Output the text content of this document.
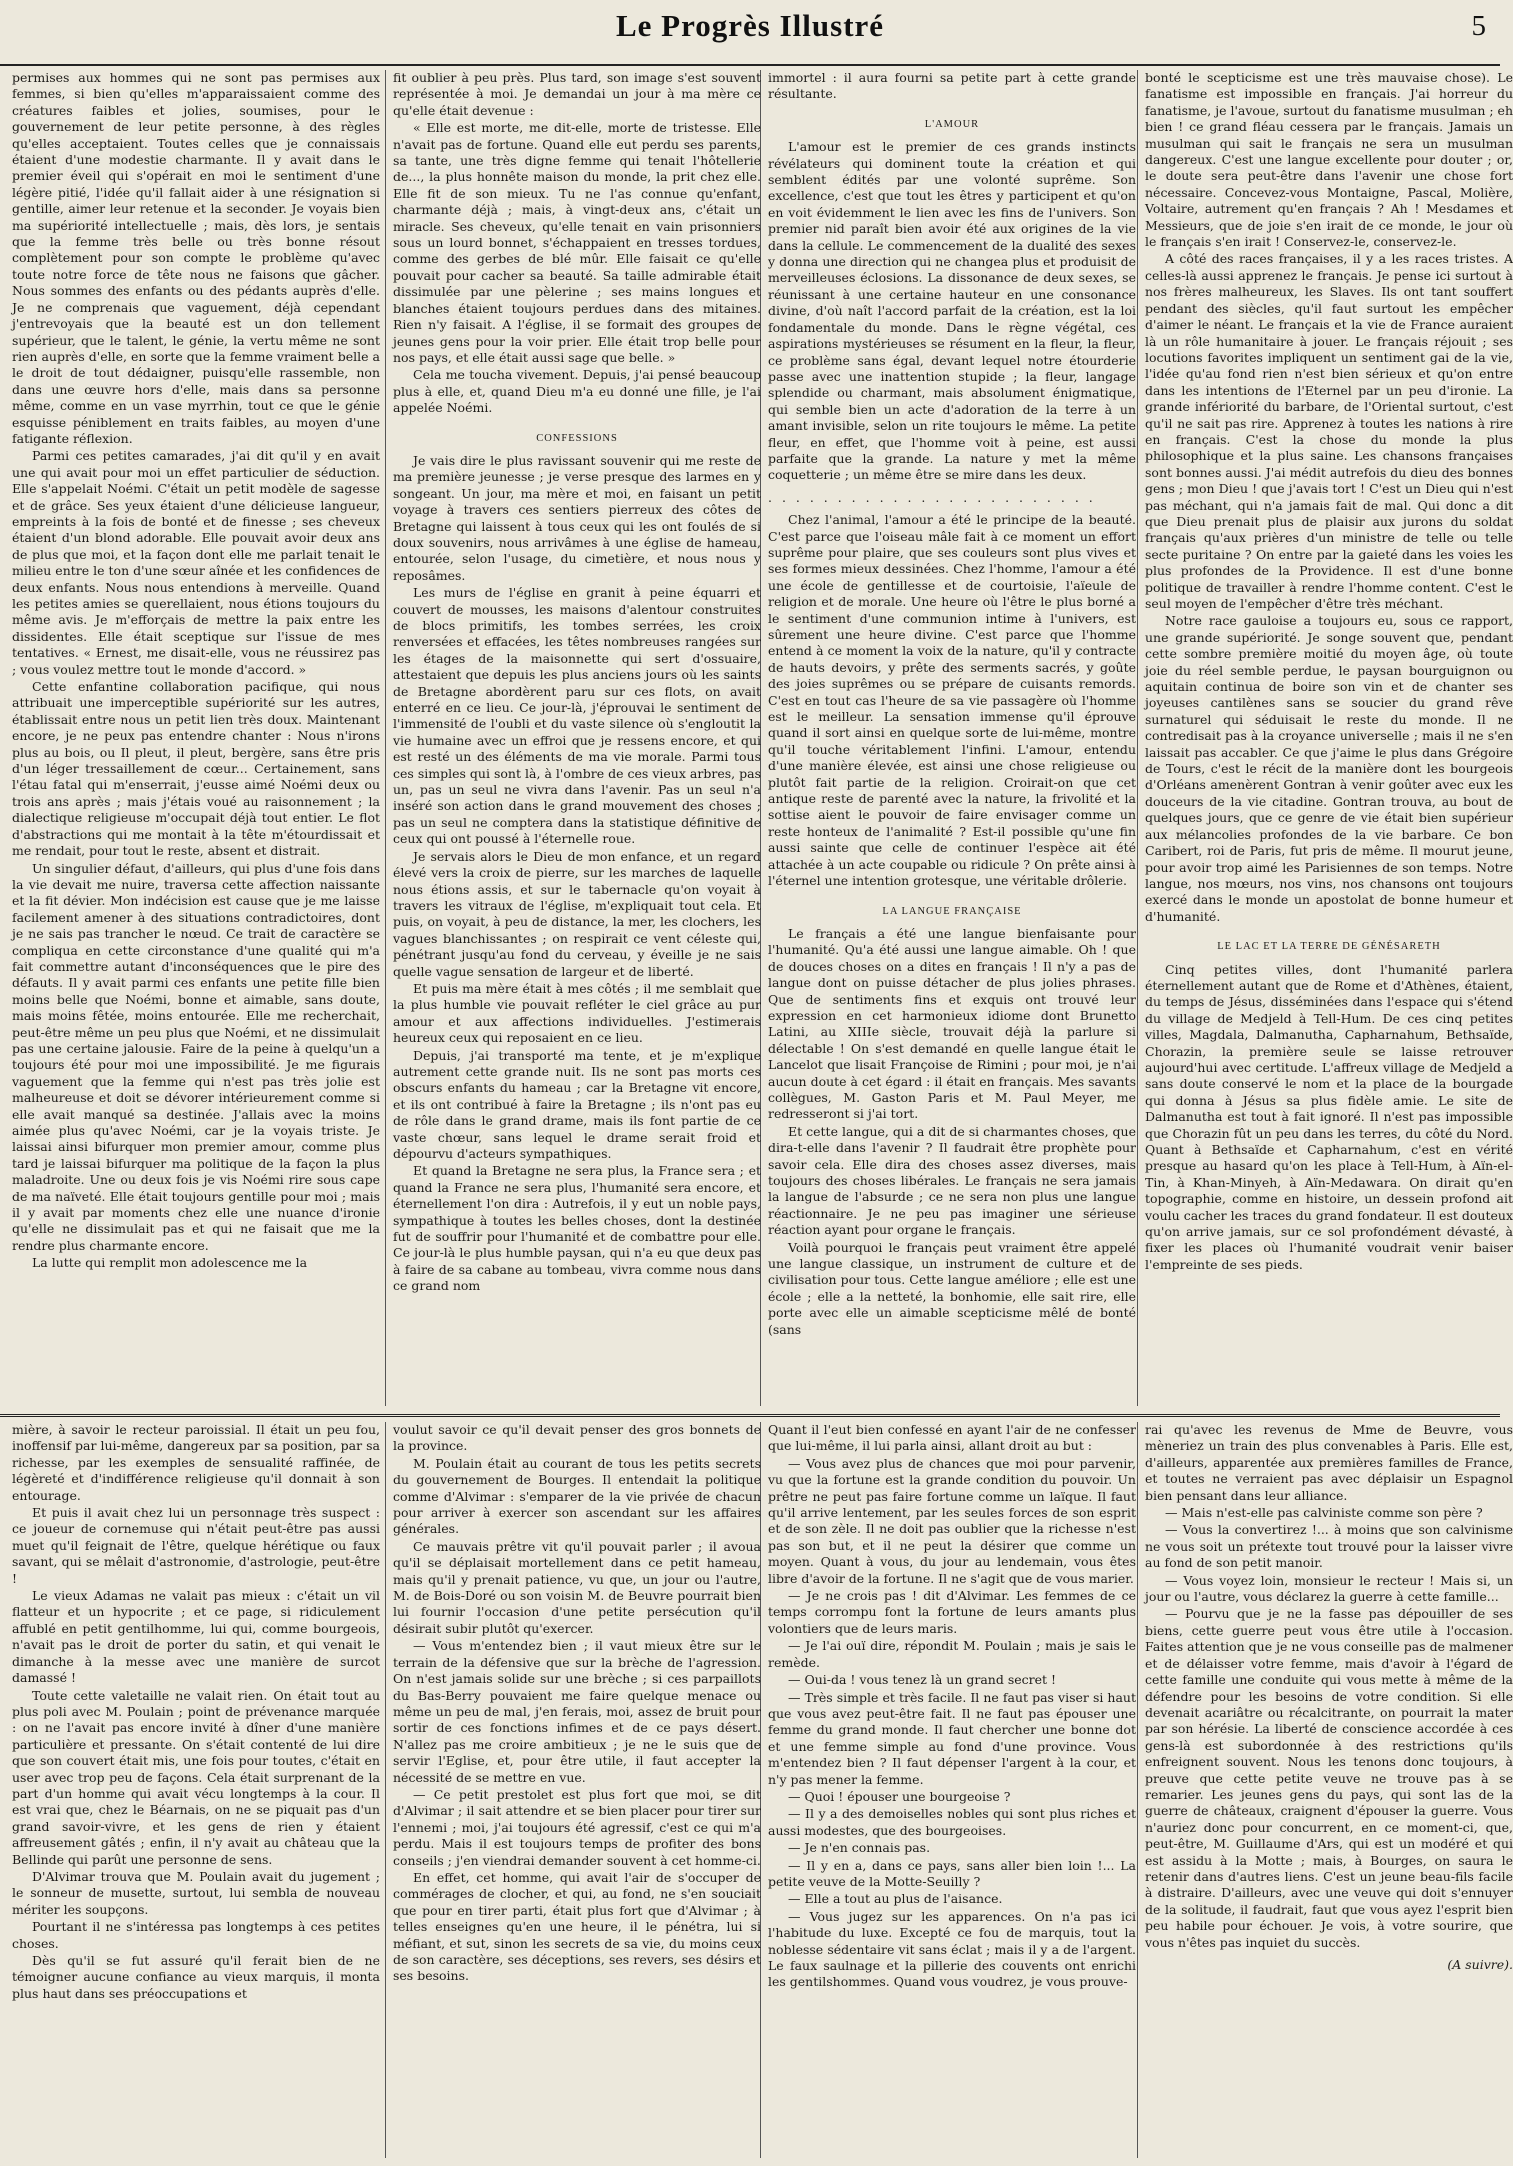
Le Progrès Illustré	5

permises aux hommes qui ne sont pas permises aux femmes, si bien qu'elles m'apparaissaient comme des créatures faibles et jolies, soumises, pour le gouvernement de leur petite personne, à des règles qu'elles acceptaient. Toutes celles que je connaissais étaient d'une modestie charmante. Il y avait dans le premier éveil qui s'opérait en moi le sentiment d'une légère pitié, l'idée qu'il fallait aider à une résignation si gentille, aimer leur retenue et la seconder. Je voyais bien ma supériorité intellectuelle ; mais, dès lors, je sentais que la femme très belle ou très bonne résout complètement pour son compte le problème qu'avec toute notre force de tête nous ne faisons que gâcher. Nous sommes des enfants ou des pédants auprès d'elle. Je ne comprenais que vaguement, déjà cependant j'entrevoyais que la beauté est un don tellement supérieur, que le talent, le génie, la vertu même ne sont rien auprès d'elle, en sorte que la femme vraiment belle a le droit de tout dédaigner, puisqu'elle rassemble, non dans une œuvre hors d'elle, mais dans sa personne même, comme en un vase myrrhin, tout ce que le génie esquisse péniblement en traits faibles, au moyen d'une fatigante réflexion.

Parmi ces petites camarades, j'ai dit qu'il y en avait une qui avait pour moi un effet particulier de séduction. Elle s'appelait Noémi. C'était un petit modèle de sagesse et de grâce. Ses yeux étaient d'une délicieuse langueur, empreints à la fois de bonté et de finesse ; ses cheveux étaient d'un blond adorable. Elle pouvait avoir deux ans de plus que moi, et la façon dont elle me parlait tenait le milieu entre le ton d'une sœur aînée et les confidences de deux enfants. Nous nous entendions à merveille. Quand les petites amies se querellaient, nous étions toujours du même avis. Je m'efforçais de mettre la paix entre les dissidentes. Elle était sceptique sur l'issue de mes tentatives. « Ernest, me disait-elle, vous ne réussirez pas ; vous voulez mettre tout le monde d'accord. »

Cette enfantine collaboration pacifique, qui nous attribuait une imperceptible supériorité sur les autres, établissait entre nous un petit lien très doux. Maintenant encore, je ne peux pas entendre chanter : Nous n'irons plus au bois, ou Il pleut, il pleut, bergère, sans être pris d'un léger tressaillement de cœur... Certainement, sans l'étau fatal qui m'enserrait, j'eusse aimé Noémi deux ou trois ans après ; mais j'étais voué au raisonnement ; la dialectique religieuse m'occupait déjà tout entier. Le flot d'abstractions qui me montait à la tête m'étourdissait et me rendait, pour tout le reste, absent et distrait.

Un singulier défaut, d'ailleurs, qui plus d'une fois dans la vie devait me nuire, traversa cette affection naissante et la fit dévier. Mon indécision est cause que je me laisse facilement amener à des situations contradictoires, dont je ne sais pas trancher le nœud. Ce trait de caractère se compliqua en cette circonstance d'une qualité qui m'a fait commettre autant d'inconséquences que le pire des défauts. Il y avait parmi ces enfants une petite fille bien moins belle que Noémi, bonne et aimable, sans doute, mais moins fêtée, moins entourée. Elle me recherchait, peut-être même un peu plus que Noémi, et ne dissimulait pas une certaine jalousie. Faire de la peine à quelqu'un a toujours été pour moi une impossibilité. Je me figurais vaguement que la femme qui n'est pas très jolie est malheureuse et doit se dévorer intérieurement comme si elle avait manqué sa destinée. J'allais avec la moins aimée plus qu'avec Noémi, car je la voyais triste. Je laissai ainsi bifurquer mon premier amour, comme plus tard je laissai bifurquer ma politique de la façon la plus maladroite. Une ou deux fois je vis Noémi rire sous cape de ma naïveté. Elle était toujours gentille pour moi ; mais il y avait par moments chez elle une nuance d'ironie qu'elle ne dissimulait pas et qui ne faisait que me la rendre plus charmante encore.

La lutte qui remplit mon adolescence me la

fit oublier à peu près. Plus tard, son image s'est souvent représentée à moi. Je demandai un jour à ma mère ce qu'elle était devenue :

« Elle est morte, me dit-elle, morte de tristesse. Elle n'avait pas de fortune. Quand elle eut perdu ses parents, sa tante, une très digne femme qui tenait l'hôtellerie de..., la plus honnête maison du monde, la prit chez elle. Elle fit de son mieux. Tu ne l'as connue qu'enfant, charmante déjà ; mais, à vingt-deux ans, c'était un miracle. Ses cheveux, qu'elle tenait en vain prisonniers sous un lourd bonnet, s'échappaient en tresses tordues, comme des gerbes de blé mûr. Elle faisait ce qu'elle pouvait pour cacher sa beauté. Sa taille admirable était dissimulée par une pèlerine ; ses mains longues et blanches étaient toujours perdues dans des mitaines. Rien n'y faisait. A l'église, il se formait des groupes de jeunes gens pour la voir prier. Elle était trop belle pour nos pays, et elle était aussi sage que belle. »

Cela me toucha vivement. Depuis, j'ai pensé beaucoup plus à elle, et, quand Dieu m'a eu donné une fille, je l'ai appelée Noémi.

CONFESSIONS

Je vais dire le plus ravissant souvenir qui me reste de ma première jeunesse ; je verse presque des larmes en y songeant. Un jour, ma mère et moi, en faisant un petit voyage à travers ces sentiers pierreux des côtes de Bretagne qui laissent à tous ceux qui les ont foulés de si doux souvenirs, nous arrivâmes à une église de hameau, entourée, selon l'usage, du cimetière, et nous nous y reposâmes.

Les murs de l'église en granit à peine équarri et couvert de mousses, les maisons d'alentour construites de blocs primitifs, les tombes serrées, les croix renversées et effacées, les têtes nombreuses rangées sur les étages de la maisonnette qui sert d'ossuaire, attestaient que depuis les plus anciens jours où les saints de Bretagne abordèrent paru sur ces flots, on avait enterré en ce lieu. Ce jour-là, j'éprouvai le sentiment de l'immensité de l'oubli et du vaste silence où s'engloutit la vie humaine avec un effroi que je ressens encore, et qui est resté un des éléments de ma vie morale. Parmi tous ces simples qui sont là, à l'ombre de ces vieux arbres, pas un, pas un seul ne vivra dans l'avenir. Pas un seul n'a inséré son action dans le grand mouvement des choses ; pas un seul ne comptera dans la statistique définitive de ceux qui ont poussé à l'éternelle roue.

Je servais alors le Dieu de mon enfance, et un regard élevé vers la croix de pierre, sur les marches de laquelle nous étions assis, et sur le tabernacle qu'on voyait à travers les vitraux de l'église, m'expliquait tout cela. Et puis, on voyait, à peu de distance, la mer, les clochers, les vagues blanchissantes ; on respirait ce vent céleste qui, pénétrant jusqu'au fond du cerveau, y éveille je ne sais quelle vague sensation de largeur et de liberté.

Et puis ma mère était à mes côtés ; il me semblait que la plus humble vie pouvait refléter le ciel grâce au pur amour et aux affections individuelles. J'estimerais heureux ceux qui reposaient en ce lieu.

Depuis, j'ai transporté ma tente, et je m'explique autrement cette grande nuit. Ils ne sont pas morts ces obscurs enfants du hameau ; car la Bretagne vit encore, et ils ont contribué à faire la Bretagne ; ils n'ont pas eu de rôle dans le grand drame, mais ils font partie de ce vaste chœur, sans lequel le drame serait froid et dépourvu d'acteurs sympathiques.

Et quand la Bretagne ne sera plus, la France sera ; et quand la France ne sera plus, l'humanité sera encore, et éternellement l'on dira : Autrefois, il y eut un noble pays, sympathique à toutes les belles choses, dont la destinée fut de souffrir pour l'humanité et de combattre pour elle. Ce jour-là le plus humble paysan, qui n'a eu que deux pas à faire de sa cabane au tombeau, vivra comme nous dans ce grand nom

immortel : il aura fourni sa petite part à cette grande résultante.

L'AMOUR

L'amour est le premier de ces grands instincts révélateurs qui dominent toute la création et qui semblent édités par une volonté suprême. Son excellence, c'est que tout les êtres y participent et qu'on en voit évidemment le lien avec les fins de l'univers. Son premier nid paraît bien avoir été aux origines de la vie dans la cellule. Le commencement de la dualité des sexes y donna une direction qui ne changea plus et produisit de merveilleuses éclosions. La dissonance de deux sexes, se réunissant à une certaine hauteur en une consonance divine, d'où naît l'accord parfait de la création, est la loi fondamentale du monde. Dans le règne végétal, ces aspirations mystérieuses se résument en la fleur, la fleur, ce problème sans égal, devant lequel notre étourderie passe avec une inattention stupide ; la fleur, langage splendide ou charmant, mais absolument énigmatique, qui semble bien un acte d'adoration de la terre à un amant invisible, selon un rite toujours le même. La petite fleur, en effet, que l'homme voit à peine, est aussi parfaite que la grande. La nature y met la même coquetterie ; un même être se mire dans les deux.

. . . . . . . . . . . . . . . . . . . . . . . .

Chez l'animal, l'amour a été le principe de la beauté. C'est parce que l'oiseau mâle fait à ce moment un effort suprême pour plaire, que ses couleurs sont plus vives et ses formes mieux dessinées. Chez l'homme, l'amour a été une école de gentillesse et de courtoisie, l'aïeule de religion et de morale. Une heure où l'être le plus borné a le sentiment d'une communion intime à l'univers, est sûrement une heure divine. C'est parce que l'homme entend à ce moment la voix de la nature, qu'il y contracte de hauts devoirs, y prête des serments sacrés, y goûte des joies suprêmes ou se prépare de cuisants remords. C'est en tout cas l'heure de sa vie passagère où l'homme est le meilleur. La sensation immense qu'il éprouve quand il sort ainsi en quelque sorte de lui-même, montre qu'il touche véritablement l'infini. L'amour, entendu d'une manière élevée, est ainsi une chose religieuse ou plutôt fait partie de la religion. Croirait-on que cet antique reste de parenté avec la nature, la frivolité et la sottise aient le pouvoir de faire envisager comme un reste honteux de l'animalité ? Est-il possible qu'une fin aussi sainte que celle de continuer l'espèce ait été attachée à un acte coupable ou ridicule ? On prête ainsi à l'éternel une intention grotesque, une véritable drôlerie.

LA LANGUE FRANÇAISE

Le français a été une langue bienfaisante pour l'humanité. Qu'a été aussi une langue aimable. Oh ! que de douces choses on a dites en français ! Il n'y a pas de langue dont on puisse détacher de plus jolies phrases. Que de sentiments fins et exquis ont trouvé leur expression en cet harmonieux idiome dont Brunetto Latini, au XIIIe siècle, trouvait déjà la parlure si délectable ! On s'est demandé en quelle langue était le Lancelot que lisait Françoise de Rimini ; pour moi, je n'ai aucun doute à cet égard : il était en français. Mes savants collègues, M. Gaston Paris et M. Paul Meyer, me redresseront si j'ai tort.

Et cette langue, qui a dit de si charmantes choses, que dira-t-elle dans l'avenir ? Il faudrait être prophète pour savoir cela. Elle dira des choses assez diverses, mais toujours des choses libérales. Le français ne sera jamais la langue de l'absurde ; ce ne sera non plus une langue réactionnaire. Je ne peu pas imaginer une sérieuse réaction ayant pour organe le français.

Voilà pourquoi le français peut vraiment être appelé une langue classique, un instrument de culture et de civilisation pour tous. Cette langue améliore ; elle est une école ; elle a la netteté, la bonhomie, elle sait rire, elle porte avec elle un aimable scepticisme mêlé de bonté (sans

bonté le scepticisme est une très mauvaise chose). Le fanatisme est impossible en français. J'ai horreur du fanatisme, je l'avoue, surtout du fanatisme musulman ; eh bien ! ce grand fléau cessera par le français. Jamais un musulman qui sait le français ne sera un musulman dangereux. C'est une langue excellente pour douter ; or, le doute sera peut-être dans l'avenir une chose fort nécessaire. Concevez-vous Montaigne, Pascal, Molière, Voltaire, autrement qu'en français ? Ah ! Mesdames et Messieurs, que de joie s'en irait de ce monde, le jour où le français s'en irait ! Conservez-le, conservez-le.

A côté des races françaises, il y a les races tristes. A celles-là aussi apprenez le français. Je pense ici surtout à nos frères malheureux, les Slaves. Ils ont tant souffert pendant des siècles, qu'il faut surtout les empêcher d'aimer le néant. Le français et la vie de France auraient là un rôle humanitaire à jouer. Le français réjouit ; ses locutions favorites impliquent un sentiment gai de la vie, l'idée qu'au fond rien n'est bien sérieux et qu'on entre dans les intentions de l'Eternel par un peu d'ironie. La grande infériorité du barbare, de l'Oriental surtout, c'est qu'il ne sait pas rire. Apprenez à toutes les nations à rire en français. C'est la chose du monde la plus philosophique et la plus saine. Les chansons françaises sont bonnes aussi. J'ai médit autrefois du dieu des bonnes gens ; mon Dieu ! que j'avais tort ! C'est un Dieu qui n'est pas méchant, qui n'a jamais fait de mal. Qui donc a dit que Dieu prenait plus de plaisir aux jurons du soldat français qu'aux prières d'un ministre de telle ou telle secte puritaine ? On entre par la gaieté dans les voies les plus profondes de la Providence. Il est d'une bonne politique de travailler à rendre l'homme content. C'est le seul moyen de l'empêcher d'être très méchant.

Notre race gauloise a toujours eu, sous ce rapport, une grande supériorité. Je songe souvent que, pendant cette sombre première moitié du moyen âge, où toute joie du réel semble perdue, le paysan bourguignon ou aquitain continua de boire son vin et de chanter ses joyeuses cantilènes sans se soucier du grand rêve surnaturel qui séduisait le reste du monde. Il ne contredisait pas à la croyance universelle ; mais il ne s'en laissait pas accabler. Ce que j'aime le plus dans Grégoire de Tours, c'est le récit de la manière dont les bourgeois d'Orléans amenèrent Gontran à venir goûter avec eux les douceurs de la vie citadine. Gontran trouva, au bout de quelques jours, que ce genre de vie était bien supérieur aux mélancolies profondes de la vie barbare. Ce bon Caribert, roi de Paris, fut pris de même. Il mourut jeune, pour avoir trop aimé les Parisiennes de son temps. Notre langue, nos mœurs, nos vins, nos chansons ont toujours exercé dans le monde un apostolat de bonne humeur et d'humanité.

LE LAC ET LA TERRE DE GÉNÉSARETH

Cinq petites villes, dont l'humanité parlera éternellement autant que de Rome et d'Athènes, étaient, du temps de Jésus, disséminées dans l'espace qui s'étend du village de Medjeld à Tell-Hum. De ces cinq petites villes, Magdala, Dalmanutha, Capharnahum, Bethsaïde, Chorazin, la première seule se laisse retrouver aujourd'hui avec certitude. L'affreux village de Medjeld a sans doute conservé le nom et la place de la bourgade qui donna à Jésus sa plus fidèle amie. Le site de Dalmanutha est tout à fait ignoré. Il n'est pas impossible que Chorazin fût un peu dans les terres, du côté du Nord. Quant à Bethsaïde et Capharnahum, c'est en vérité presque au hasard qu'on les place à Tell-Hum, à Aïn-el-Tin, à Khan-Minyeh, à Aïn-Medawara. On dirait qu'en topographie, comme en histoire, un dessein profond ait voulu cacher les traces du grand fondateur. Il est douteux qu'on arrive jamais, sur ce sol profondément dévasté, à fixer les places où l'humanité voudrait venir baiser l'empreinte de ses pieds.

mière, à savoir le recteur paroissial. Il était un peu fou, inoffensif par lui-même, dangereux par sa position, par sa richesse, par les exemples de sensualité raffinée, de légèreté et d'indifférence religieuse qu'il donnait à son entourage.

Et puis il avait chez lui un personnage très suspect : ce joueur de cornemuse qui n'était peut-être pas aussi muet qu'il feignait de l'être, quelque hérétique ou faux savant, qui se mêlait d'astronomie, d'astrologie, peut-être !

Le vieux Adamas ne valait pas mieux : c'était un vil flatteur et un hypocrite ; et ce page, si ridiculement affublé en petit gentilhomme, lui qui, comme bourgeois, n'avait pas le droit de porter du satin, et qui venait le dimanche à la messe avec une manière de surcot damassé !

Toute cette valetaille ne valait rien. On était tout au plus poli avec M. Poulain ; point de prévenance marquée : on ne l'avait pas encore invité à dîner d'une manière particulière et pressante. On s'était contenté de lui dire que son couvert était mis, une fois pour toutes, c'était en user avec trop peu de façons. Cela était surprenant de la part d'un homme qui avait vécu longtemps à la cour. Il est vrai que, chez le Béarnais, on ne se piquait pas d'un grand savoir-vivre, et les gens de rien y étaient affreusement gâtés ; enfin, il n'y avait au château que la Bellinde qui parût une personne de sens.

D'Alvimar trouva que M. Poulain avait du jugement ; le sonneur de musette, surtout, lui sembla de nouveau mériter les soupçons.

Pourtant il ne s'intéressa pas longtemps à ces petites choses.

Dès qu'il se fut assuré qu'il ferait bien de ne témoigner aucune confiance au vieux marquis, il monta plus haut dans ses préoccupations et

voulut savoir ce qu'il devait penser des gros bonnets de la province.

M. Poulain était au courant de tous les petits secrets du gouvernement de Bourges. Il entendait la politique comme d'Alvimar : s'emparer de la vie privée de chacun pour arriver à exercer son ascendant sur les affaires générales.

Ce mauvais prêtre vit qu'il pouvait parler ; il avoua qu'il se déplaisait mortellement dans ce petit hameau, mais qu'il y prenait patience, vu que, un jour ou l'autre, M. de Bois-Doré ou son voisin M. de Beuvre pourrait bien lui fournir l'occasion d'une petite persécution qu'il désirait subir plutôt qu'exercer.

— Vous m'entendez bien ; il vaut mieux être sur le terrain de la défensive que sur la brèche de l'agression. On n'est jamais solide sur une brèche ; si ces parpaillots du Bas-Berry pouvaient me faire quelque menace ou même un peu de mal, j'en ferais, moi, assez de bruit pour sortir de ces fonctions infimes et de ce pays désert. N'allez pas me croire ambitieux ; je ne le suis que de servir l'Eglise, et, pour être utile, il faut accepter la nécessité de se mettre en vue.

— Ce petit prestolet est plus fort que moi, se dit d'Alvimar ; il sait attendre et se bien placer pour tirer sur l'ennemi ; moi, j'ai toujours été agressif, c'est ce qui m'a perdu. Mais il est toujours temps de profiter des bons conseils ; j'en viendrai demander souvent à cet homme-ci.

En effet, cet homme, qui avait l'air de s'occuper de commérages de clocher, et qui, au fond, ne s'en souciait que pour en tirer parti, était plus fort que d'Alvimar ; à telles enseignes qu'en une heure, il le pénétra, lui si méfiant, et sut, sinon les secrets de sa vie, du moins ceux de son caractère, ses déceptions, ses revers, ses désirs et ses besoins.

Quant il l'eut bien confessé en ayant l'air de ne confesser que lui-même, il lui parla ainsi, allant droit au but :

— Vous avez plus de chances que moi pour parvenir, vu que la fortune est la grande condition du pouvoir. Un prêtre ne peut pas faire fortune comme un laïque. Il faut qu'il arrive lentement, par les seules forces de son esprit et de son zèle. Il ne doit pas oublier que la richesse n'est pas son but, et il ne peut la désirer que comme un moyen. Quant à vous, du jour au lendemain, vous êtes libre d'avoir de la fortune. Il ne s'agit que de vous marier.

— Je ne crois pas ! dit d'Alvimar. Les femmes de ce temps corrompu font la fortune de leurs amants plus volontiers que de leurs maris.

— Je l'ai ouï dire, répondit M. Poulain ; mais je sais le remède.

— Oui-da ! vous tenez là un grand secret !

— Très simple et très facile. Il ne faut pas viser si haut que vous avez peut-être fait. Il ne faut pas épouser une femme du grand monde. Il faut chercher une bonne dot et une femme simple au fond d'une province. Vous m'entendez bien ? Il faut dépenser l'argent à la cour, et n'y pas mener la femme.

— Quoi ! épouser une bourgeoise ?

— Il y a des demoiselles nobles qui sont plus riches et aussi modestes, que des bourgeoises.

— Je n'en connais pas.

— Il y en a, dans ce pays, sans aller bien loin !... La petite veuve de la Motte-Seuilly ?

— Elle a tout au plus de l'aisance.

— Vous jugez sur les apparences. On n'a pas ici l'habitude du luxe. Excepté ce fou de marquis, tout la noblesse sédentaire vit sans éclat ; mais il y a de l'argent. Le faux saulnage et la pillerie des couvents ont enrichi les gentilshommes. Quand vous voudrez, je vous prouve-

rai qu'avec les revenus de Mme de Beuvre, vous mèneriez un train des plus convenables à Paris. Elle est, d'ailleurs, apparentée aux premières familles de France, et toutes ne verraient pas avec déplaisir un Espagnol bien pensant dans leur alliance.

— Mais n'est-elle pas calviniste comme son père ?

— Vous la convertirez !... à moins que son calvinisme ne vous soit un prétexte tout trouvé pour la laisser vivre au fond de son petit manoir.

— Vous voyez loin, monsieur le recteur ! Mais si, un jour ou l'autre, vous déclarez la guerre à cette famille...

— Pourvu que je ne la fasse pas dépouiller de ses biens, cette guerre peut vous être utile à l'occasion. Faites attention que je ne vous conseille pas de malmener et de délaisser votre femme, mais d'avoir à l'égard de cette famille une conduite qui vous mette à même de la défendre pour les besoins de votre condition. Si elle devenait acariâtre ou récalcitrante, on pourrait la mater par son hérésie. La liberté de conscience accordée à ces gens-là est subordonnée à des restrictions qu'ils enfreignent souvent. Nous les tenons donc toujours, à preuve que cette petite veuve ne trouve pas à se remarier. Les jeunes gens du pays, qui sont las de la guerre de châteaux, craignent d'épouser la guerre. Vous n'auriez donc pour concurrent, en ce moment-ci, que, peut-être, M. Guillaume d'Ars, qui est un modéré et qui est assidu à la Motte ; mais, à Bourges, on saura le retenir dans d'autres liens. C'est un jeune beau-fils facile à distraire. D'ailleurs, avec une veuve qui doit s'ennuyer de la solitude, il faudrait, faut que vous ayez l'esprit bien peu habile pour échouer. Je vois, à votre sourire, que vous n'êtes pas inquiet du succès.

(A suivre).
